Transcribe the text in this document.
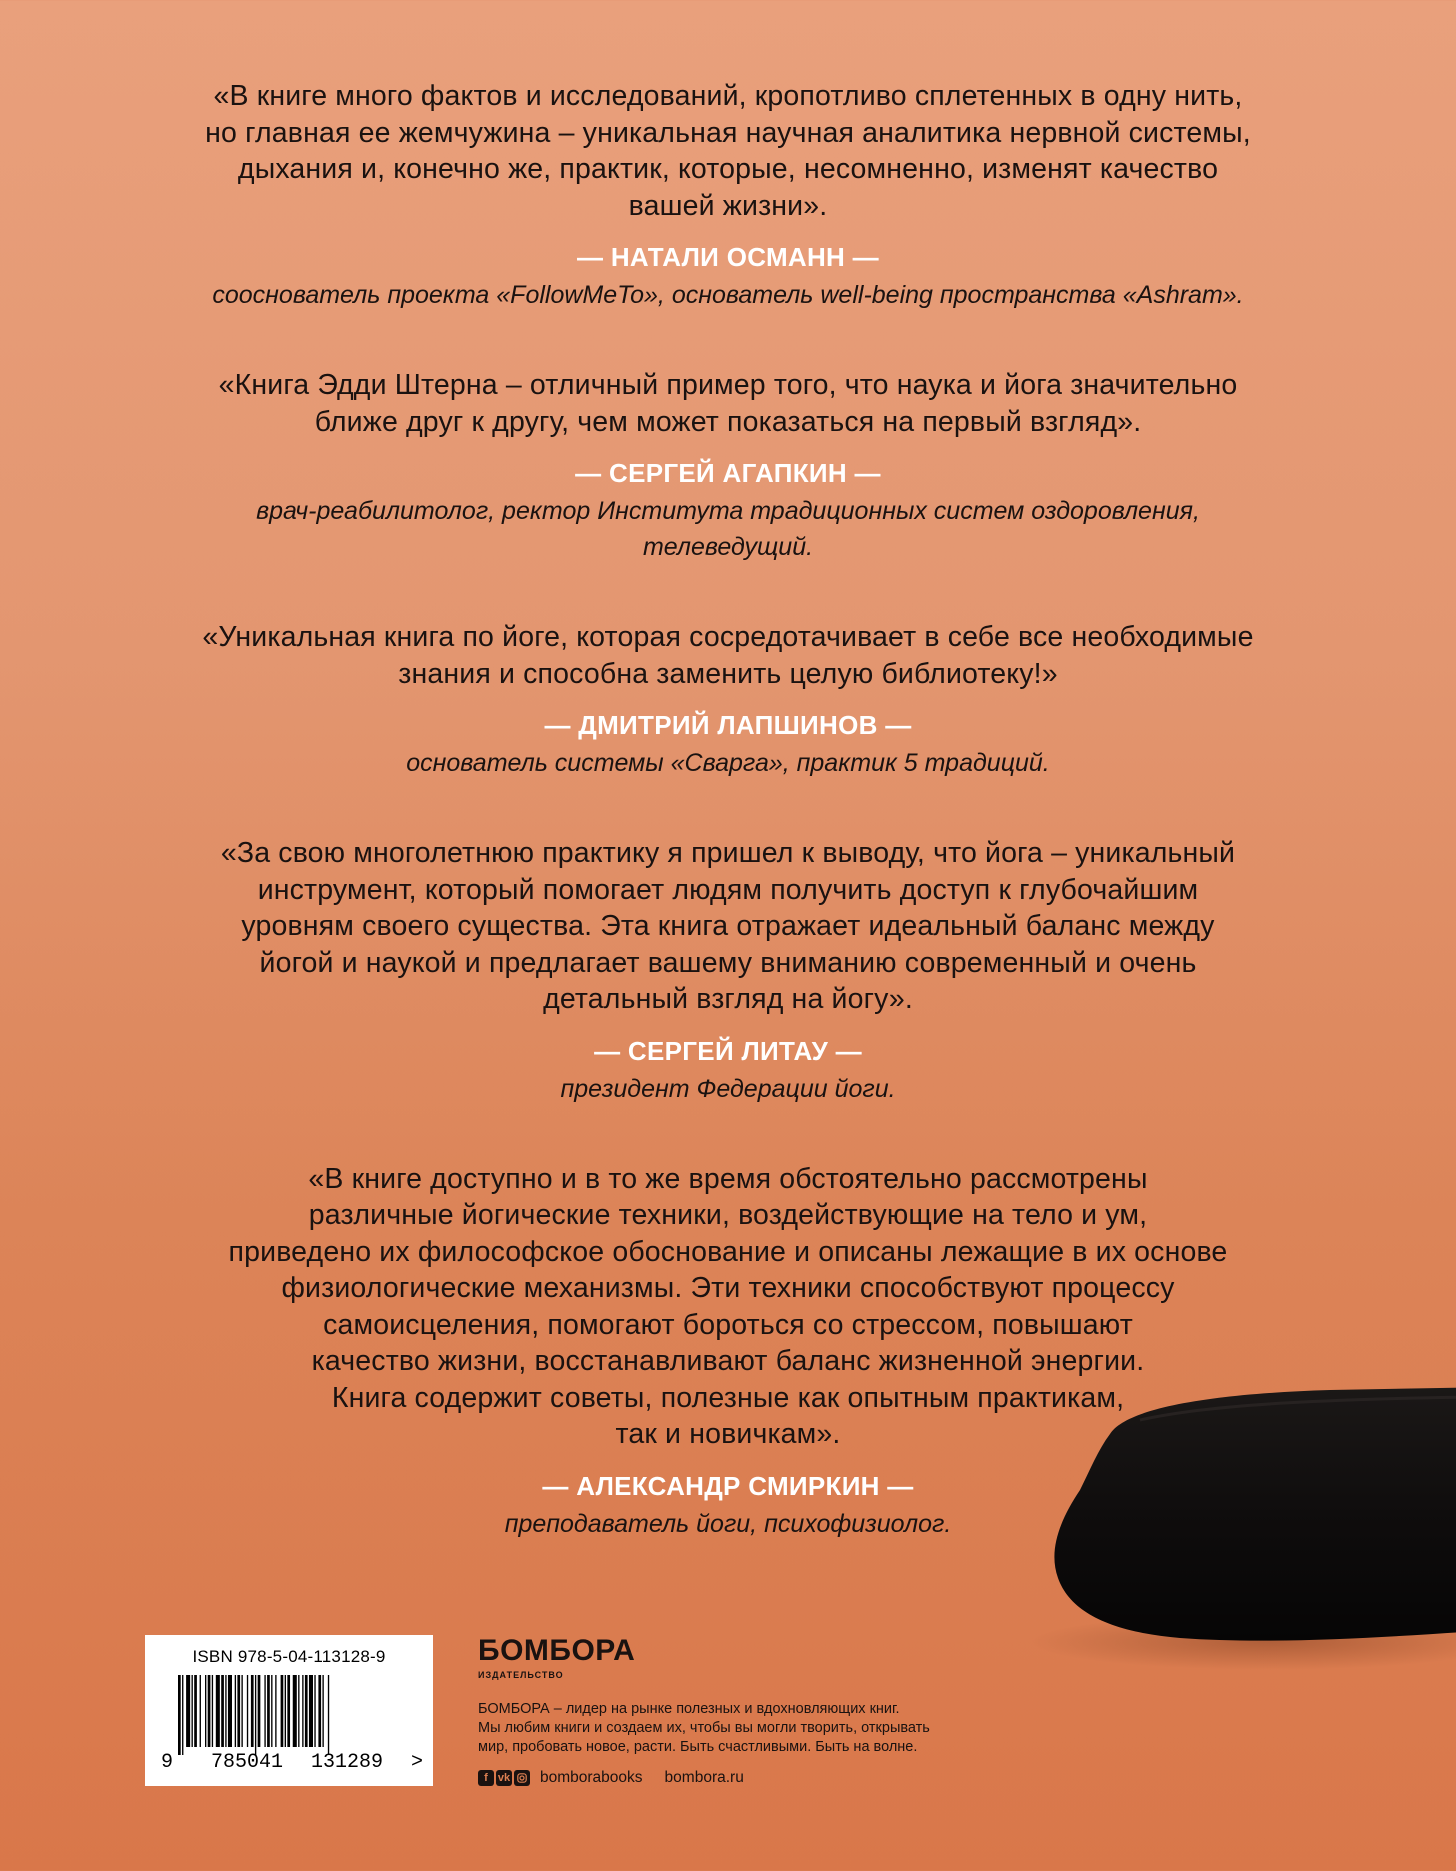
«В книге много фактов и исследований, кропотливо сплетенных в одну нить,
но главная ее жемчужина – уникальная научная аналитика нервной системы,
дыхания и, конечно же, практик, которые, несомненно, изменят качество
вашей жизни».

— НАТАЛИ ОСМАНН —

сооснователь проекта «FollowMeTo», основатель well-being пространства «Ashram».

«Книга Эдди Штерна – отличный пример того, что наука и йога значительно
ближе друг к другу, чем может показаться на первый взгляд».

— СЕРГЕЙ АГАПКИН —

врач-реабилитолог, ректор Института традиционных систем оздоровления,
телеведущий.

«Уникальная книга по йоге, которая сосредотачивает в себе все необходимые
знания и способна заменить целую библиотеку!»

— ДМИТРИЙ ЛАПШИНОВ —

основатель системы «Сварга», практик 5 традиций.

«За свою многолетнюю практику я пришел к выводу, что йога – уникальный
инструмент, который помогает людям получить доступ к глубочайшим
уровням своего существа. Эта книга отражает идеальный баланс между
йогой и наукой и предлагает вашему вниманию современный и очень
детальный взгляд на йогу».

— СЕРГЕЙ ЛИТАУ —

президент Федерации йоги.

«В книге доступно и в то же время обстоятельно рассмотрены
различные йогические техники, воздействующие на тело и ум,
приведено их философское обоснование и описаны лежащие в их основе
физиологические механизмы. Эти техники способствуют процессу
самоисцеления, помогают бороться со стрессом, повышают
качество жизни, восстанавливают баланс жизненной энергии.
Книга содержит советы, полезные как опытным практикам,
так и новичкам».

— АЛЕКСАНДР СМИРКИН —

преподаватель йоги, психофизиолог.

ISBN 978-5-04-113128-9
9 785041 131289 >
БОМБОРА
ИЗДАТЕЛЬСТВО
БОМБОРА – лидер на рынке полезных и вдохновляющих книг.
Мы любим книги и создаем их, чтобы вы могли творить, открывать
мир, пробовать новое, расти. Быть счастливыми. Быть на волне.
f vk bomborabooks bombora.ru
